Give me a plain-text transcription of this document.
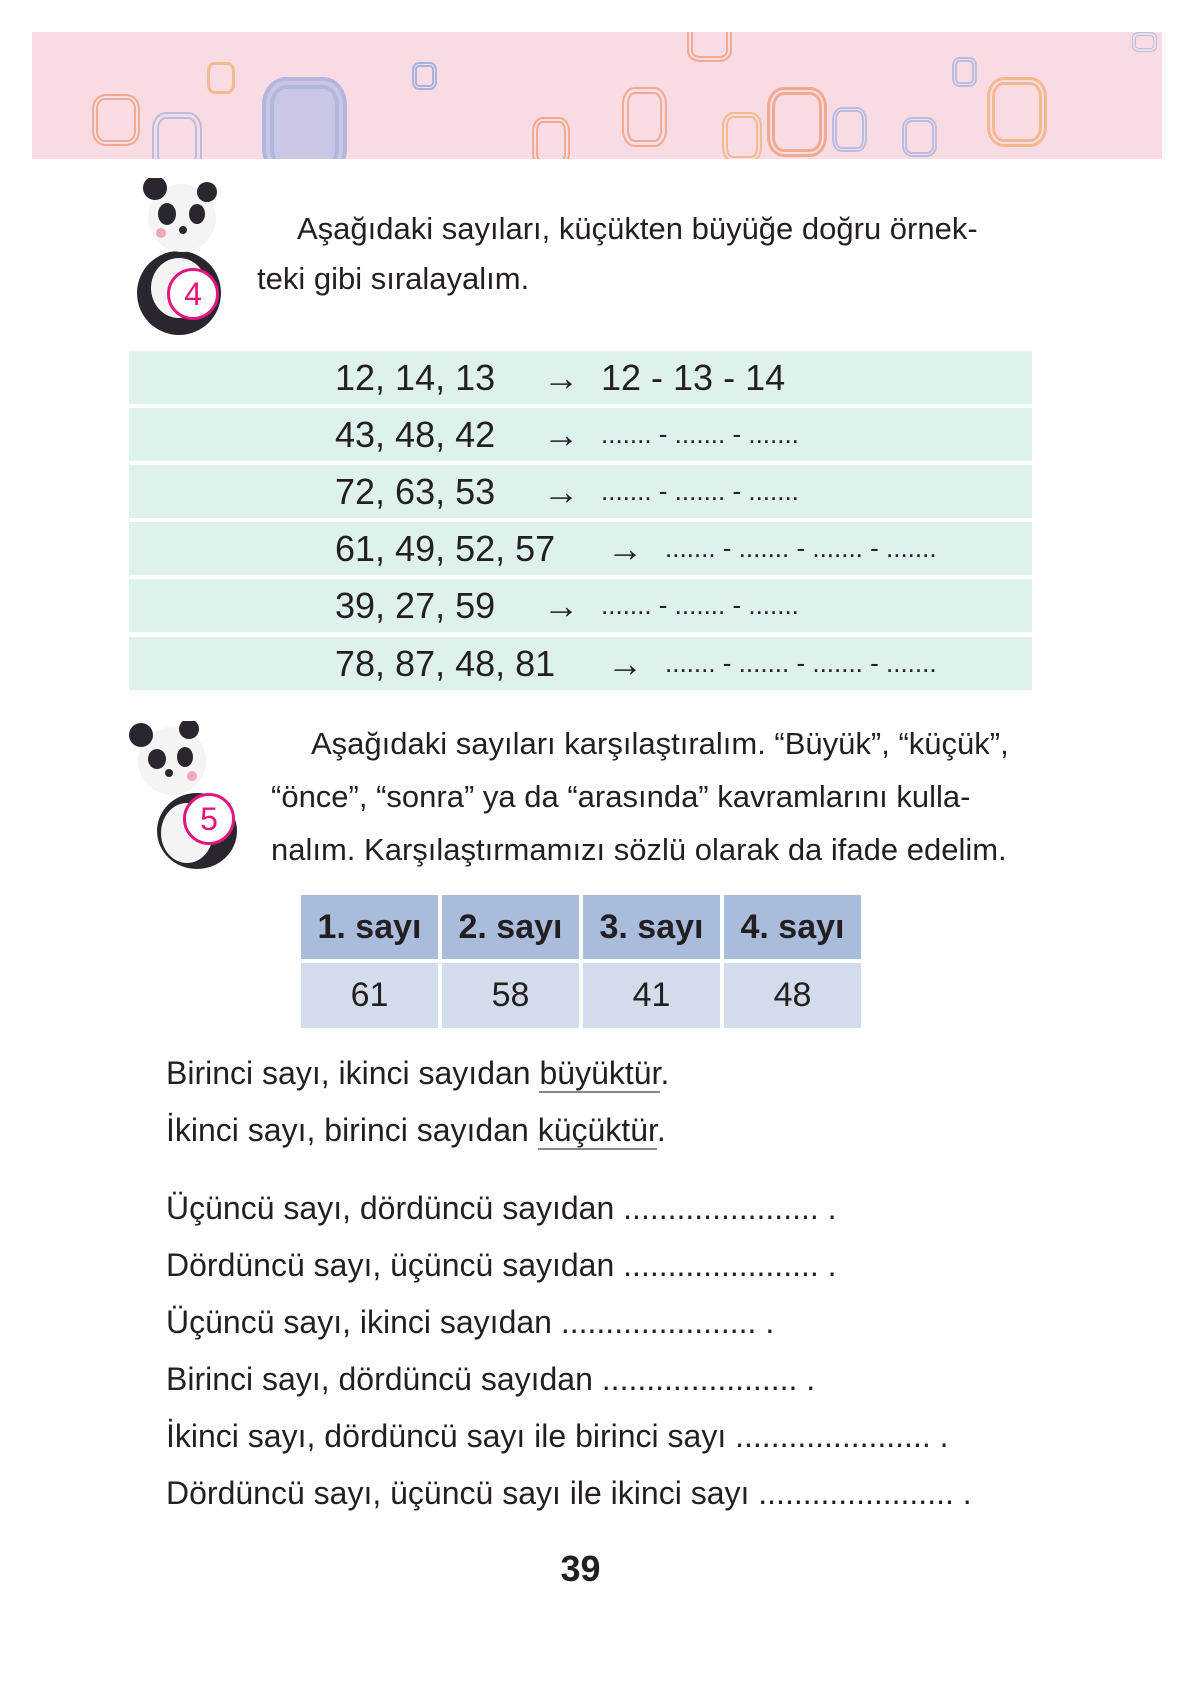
4
Aşağıdaki sayıları, küçükten büyüğe doğru örnek-
teki gibi sıralayalım.
12, 14, 13 → 12 - 13 - 14
43, 48, 42 → ....... - ....... - .......
72, 63, 53 → ....... - ....... - .......
61, 49, 52, 57 → ....... - ....... - ....... - .......
39, 27, 59 → ....... - ....... - .......
78, 87, 48, 81 → ....... - ....... - ....... - .......
5
Aşağıdaki sayıları karşılaştıralım. “Büyük”, “küçük”,
“önce”, “sonra” ya da “arasında” kavramlarını kulla-
nalım. Karşılaştırmamızı sözlü olarak da ifade edelim.
1. sayı	2. sayı	3. sayı	4. sayı
61	58	41	48
Birinci sayı, ikinci sayıdan büyüktür.
İkinci sayı, birinci sayıdan küçüktür.
Üçüncü sayı, dördüncü sayıdan ...................... .
Dördüncü sayı, üçüncü sayıdan ...................... .
Üçüncü sayı, ikinci sayıdan ...................... .
Birinci sayı, dördüncü sayıdan ...................... .
İkinci sayı, dördüncü sayı ile birinci sayı ...................... .
Dördüncü sayı, üçüncü sayı ile ikinci sayı ...................... .
39
